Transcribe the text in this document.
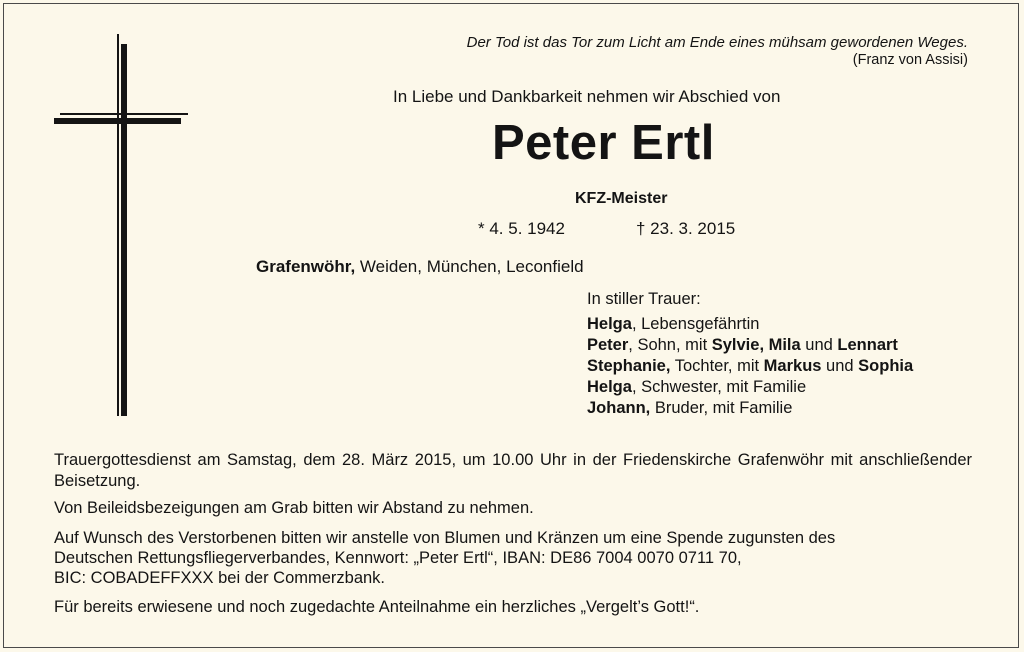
Der Tod ist das Tor zum Licht am Ende eines mühsam gewordenen Weges.
(Franz von Assisi)
In Liebe und Dankbarkeit nehmen wir Abschied von
Peter Ertl
KFZ-Meister
* 4. 5. 1942	† 23. 3. 2015
Grafenwöhr, Weiden, München, Leconfield
In stiller Trauer:
Helga, Lebensgefährtin
Peter, Sohn, mit Sylvie, Mila und Lennart
Stephanie, Tochter, mit Markus und Sophia
Helga, Schwester, mit Familie
Johann, Bruder, mit Familie
Trauergottesdienst am Samstag, dem 28. März 2015, um 10.00 Uhr in der Friedenskirche Grafenwöhr mit anschließender Beisetzung.
Von Beileidsbezeigungen am Grab bitten wir Abstand zu nehmen.
Auf Wunsch des Verstorbenen bitten wir anstelle von Blumen und Kränzen um eine Spende zugunsten des
Deutschen Rettungsfliegerverbandes, Kennwort: „Peter Ertl“, IBAN: DE86 7004 0070 0711 70,
BIC: COBADEFFXXX bei der Commerzbank.
Für bereits erwiesene und noch zugedachte Anteilnahme ein herzliches „Vergelt’s Gott!“.
